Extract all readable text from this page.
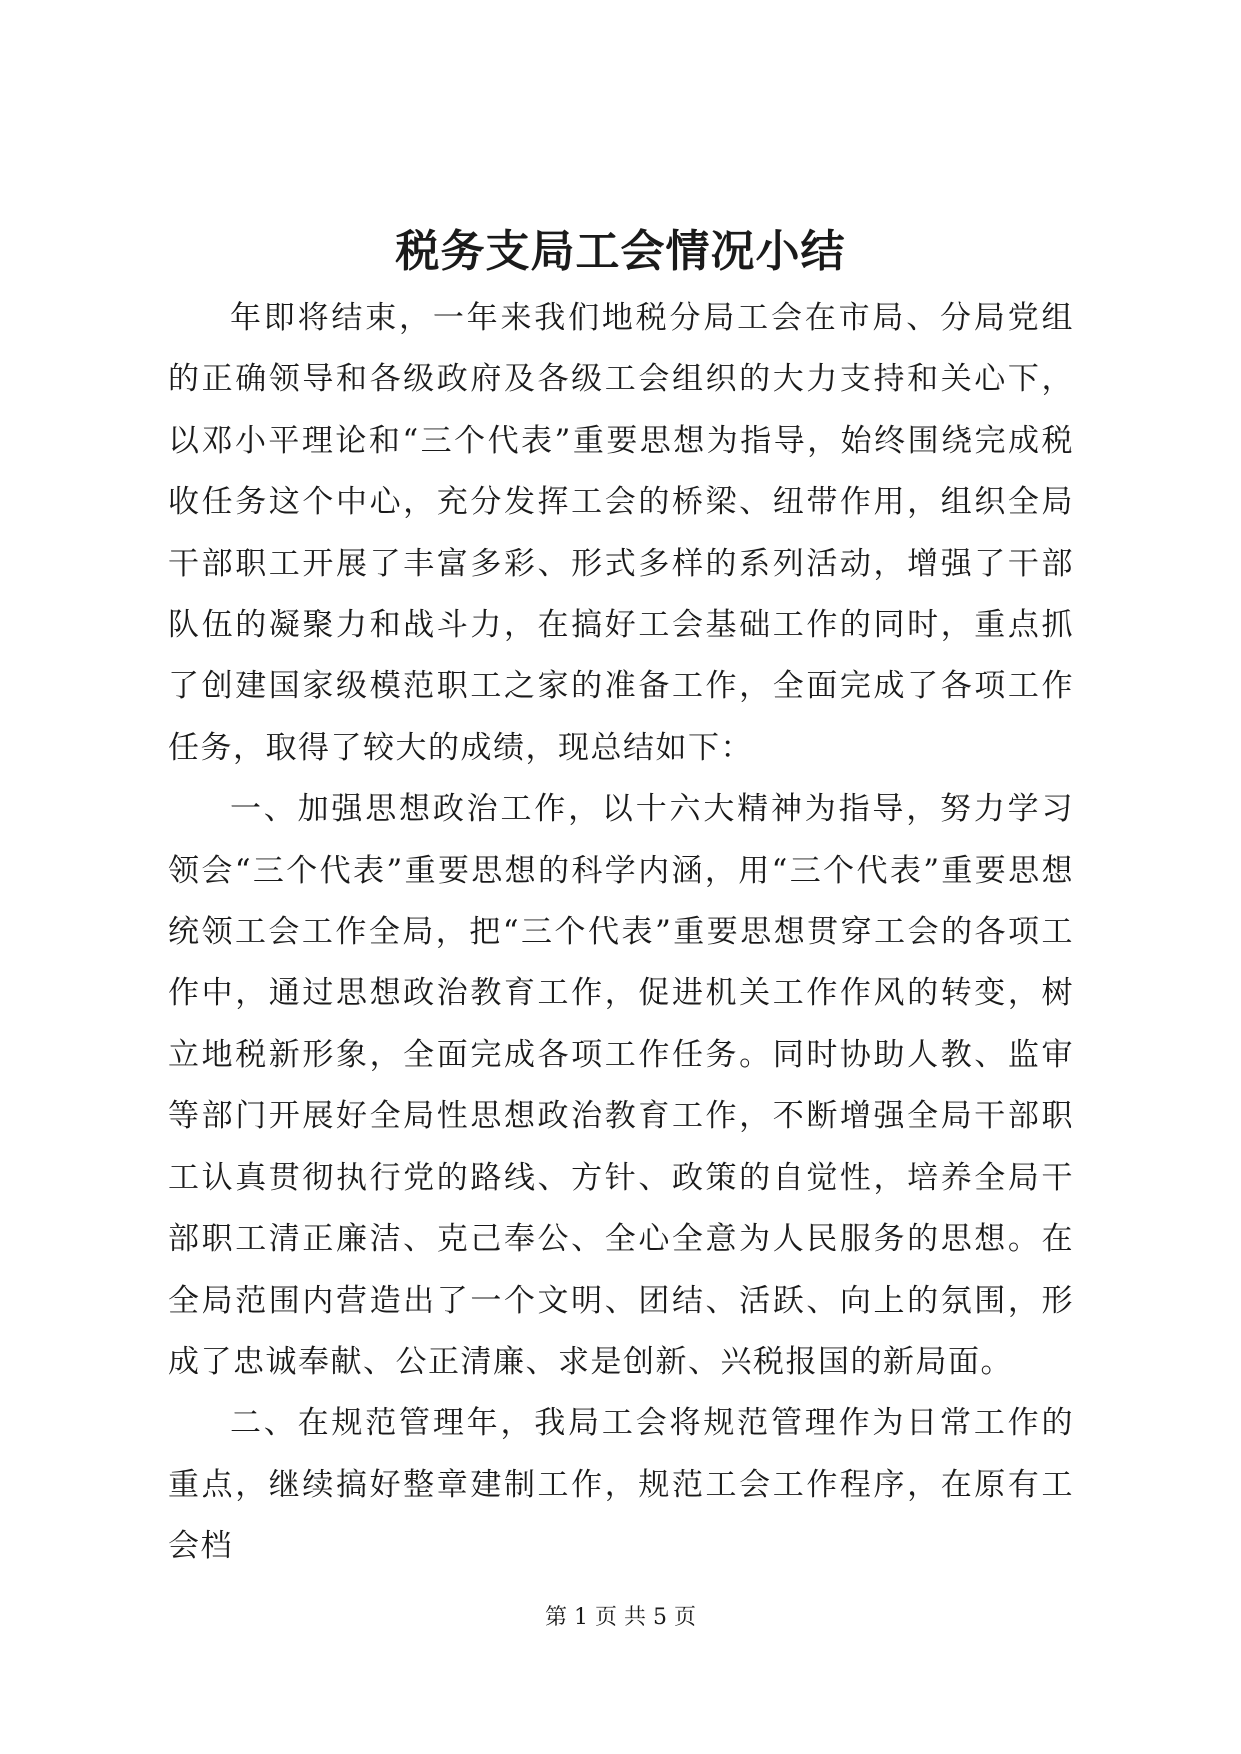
税务支局工会情况小结

年即将结束，一年来我们地税分局工会在市局、分局党组的正确领导和各级政府及各级工会组织的大力支持和关心下，以邓小平理论和“三个代表”重要思想为指导，始终围绕完成税收任务这个中心，充分发挥工会的桥梁、纽带作用，组织全局干部职工开展了丰富多彩、形式多样的系列活动，增强了干部队伍的凝聚力和战斗力，在搞好工会基础工作的同时，重点抓了创建国家级模范职工之家的准备工作，全面完成了各项工作任务，取得了较大的成绩，现总结如下：

一、加强思想政治工作，以十六大精神为指导，努力学习领会“三个代表”重要思想的科学内涵，用“三个代表”重要思想统领工会工作全局，把“三个代表”重要思想贯穿工会的各项工作中，通过思想政治教育工作，促进机关工作作风的转变，树立地税新形象，全面完成各项工作任务。同时协助人教、监审等部门开展好全局性思想政治教育工作，不断增强全局干部职工认真贯彻执行党的路线、方针、政策的自觉性，培养全局干部职工清正廉洁、克己奉公、全心全意为人民服务的思想。在全局范围内营造出了一个文明、团结、活跃、向上的氛围，形成了忠诚奉献、公正清廉、求是创新、兴税报国的新局面。

二、在规范管理年，我局工会将规范管理作为日常工作的重点，继续搞好整章建制工作，规范工会工作程序，在原有工会档

第 1 页 共 5 页
